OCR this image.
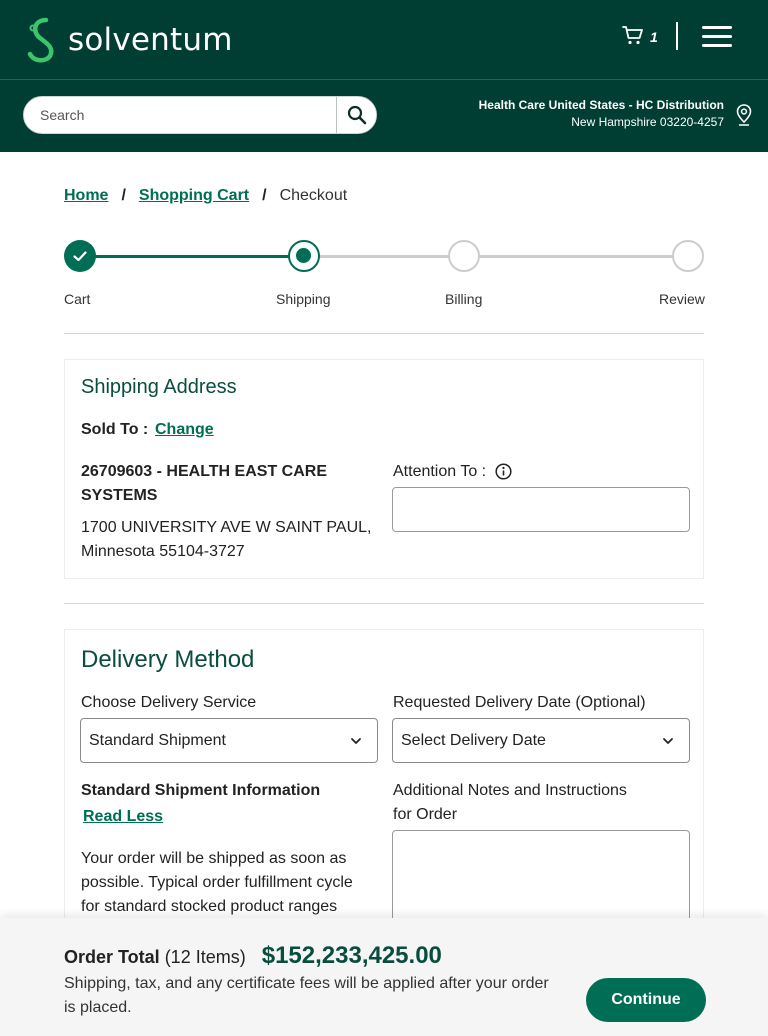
solventum	1
Search
Health Care United States - HC Distribution
New Hampshire 03220-4257
Home / Shopping Cart / Checkout
Cart	Shipping	Billing	Review
Shipping Address
Sold To : Change
26709603 - HEALTH EAST CARE
SYSTEMS
1700 UNIVERSITY AVE W SAINT PAUL,
Minnesota 55104-3727
Attention To :
Delivery Method
Choose Delivery Service
Standard Shipment
Requested Delivery Date (Optional)
Select Delivery Date
Standard Shipment Information
Read Less
Your order will be shipped as soon as
possible. Typical order fulfillment cycle
for standard stocked product ranges
Additional Notes and Instructions
for Order
Order Total (12 Items) $152,233,425.00
Shipping, tax, and any certificate fees will be applied after your order
is placed.	Continue
